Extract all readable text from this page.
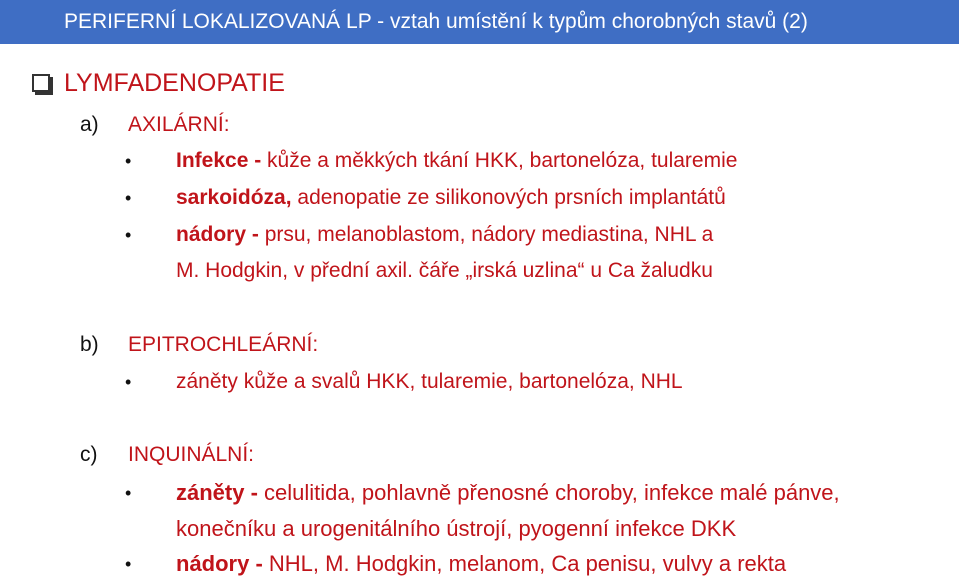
PERIFERNÍ LOKALIZOVANÁ LP - vztah umístění k typům chorobných stavů (2)
LYMFADENOPATIE
a)	AXILÁRNÍ:
•	Infekce - kůže a měkkých tkání HKK, bartonelóza, tularemie
•	sarkoidóza, adenopatie ze silikonových prsních implantátů
•	nádory - prsu, melanoblastom, nádory mediastina, NHL a
M. Hodgkin, v přední axil. čáře „irská uzlina“ u Ca žaludku
b)	EPITROCHLEÁRNÍ:
•	záněty kůže a svalů HKK, tularemie, bartonelóza, NHL
c)	INQUINÁLNÍ:
•	záněty - celulitida, pohlavně přenosné choroby, infekce malé pánve,
konečníku a urogenitálního ústrojí, pyogenní infekce DKK
•	nádory - NHL, M. Hodgkin, melanom, Ca penisu, vulvy a rekta
